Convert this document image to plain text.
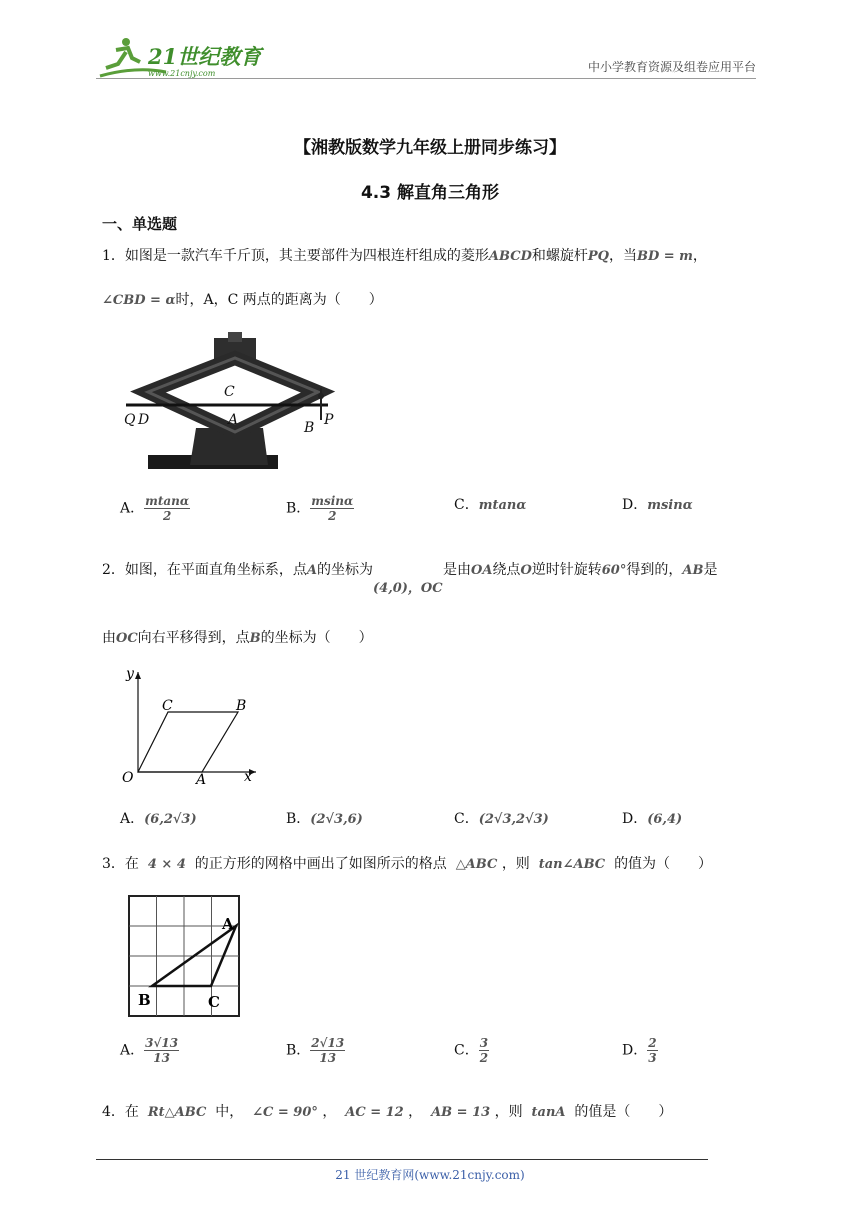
21世纪教育
www.21cnjy.com	中小学教育资源及组卷应用平台
【湘教版数学九年级上册同步练习】
4.3 解直角三角形
一、单选题
1．如图是一款汽车千斤顶，其主要部件为四根连杆组成的菱形ABCD和螺旋杆PQ，当BD = m，
∠CBD = α时，A，C 两点的距离为（　　）
C
A
Q D	B P
A． $\frac{mtan\alpha}{2}$	B． $\frac{msin\alpha}{2}$	C．mtanα	D．msinα
2．如图，在平面直角坐标系，点A的坐标为(4,0)，OC是由OA绕点O逆时针旋转60°得到的，AB是
由OC向右平移得到，点B的坐标为（　　）
y
x
O	A
C	B
A．(6,2√3)	B．(2√3,6)	C．(2√3,2√3)	D．(6,4)
3．在 4 × 4 的正方形的网格中画出了如图所示的格点 △ABC ，则 tan∠ABC 的值为（　　）
A
B	C
A． $\frac{3√13}{13}$	B． $\frac{2√13}{13}$	C． $\frac{3}{2}$	D． $\frac{2}{3}$
4．在 Rt△ABC 中， ∠C = 90° ， AC = 12 ， AB = 13 ，则 tanA 的值是（　　）
21 世纪教育网(www.21cnjy.com)
